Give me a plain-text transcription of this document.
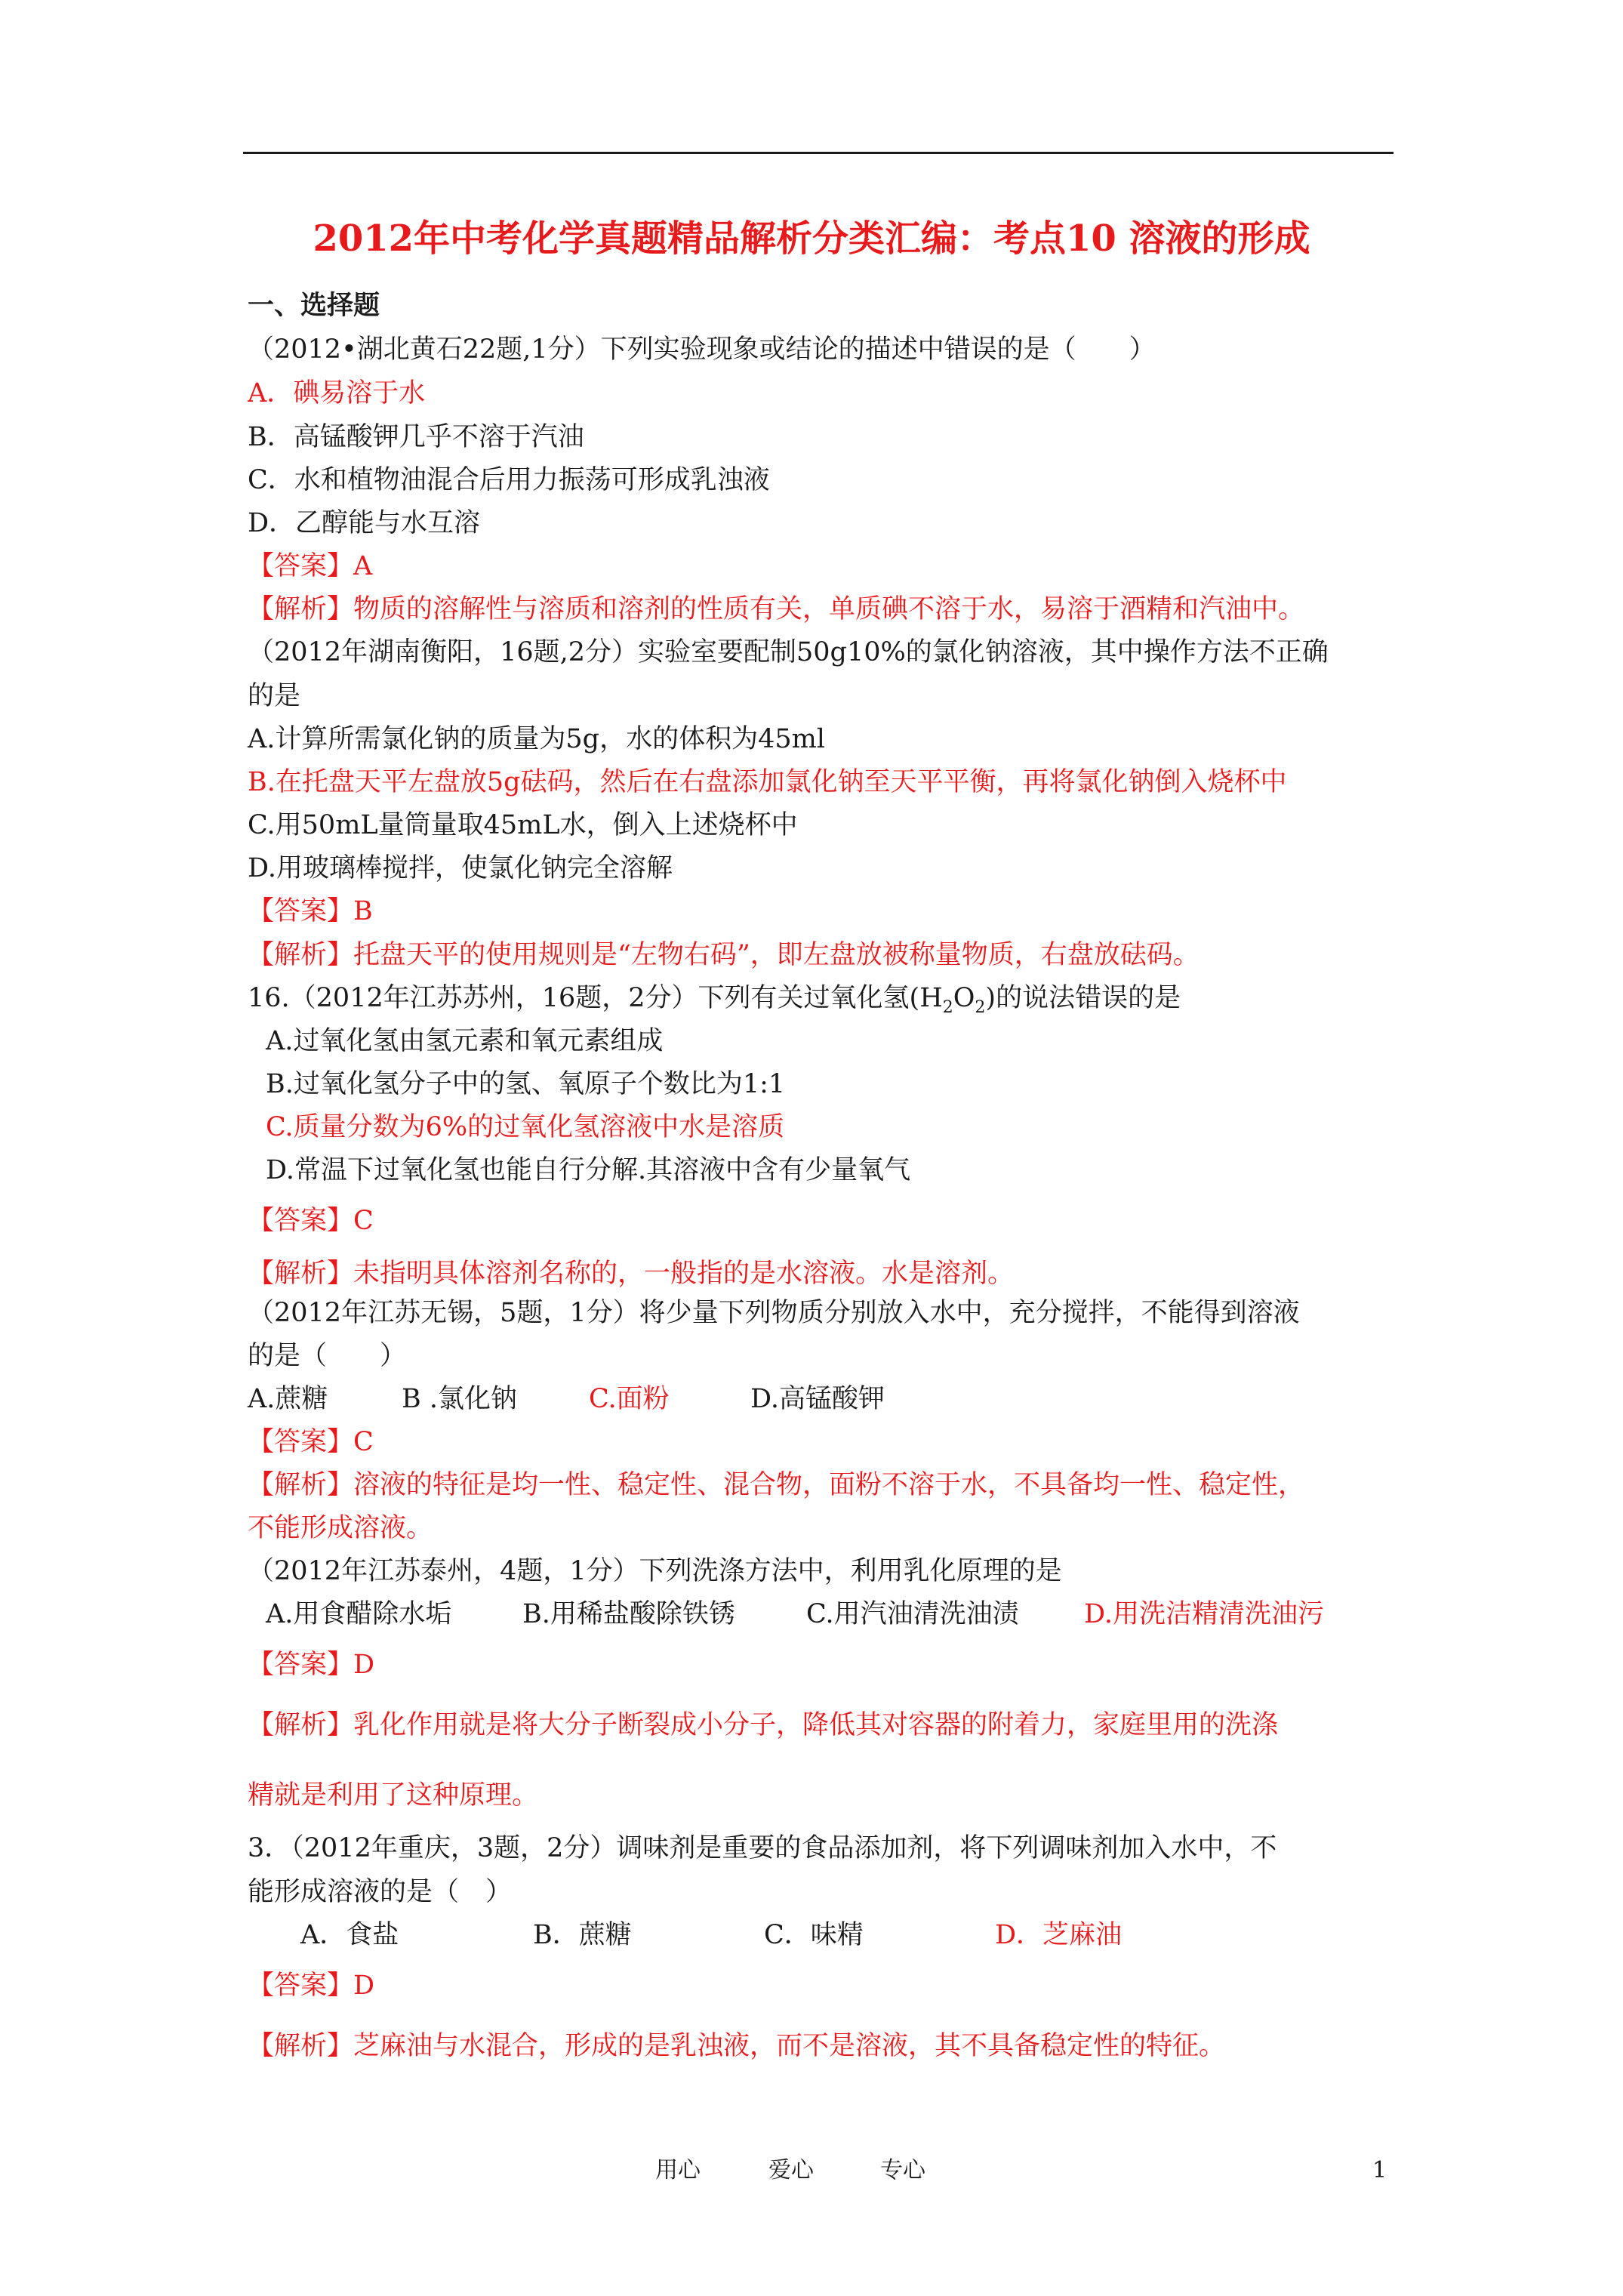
2012年中考化学真题精品解析分类汇编：考点10 溶液的形成
一、选择题
（2012•湖北黄石22题,1分）下列实验现象或结论的描述中错误的是（　　）
A．碘易溶于水
B．高锰酸钾几乎不溶于汽油
C．水和植物油混合后用力振荡可形成乳浊液
D．乙醇能与水互溶
【答案】A
【解析】物质的溶解性与溶质和溶剂的性质有关，单质碘不溶于水，易溶于酒精和汽油中。
（2012年湖南衡阳，16题,2分）实验室要配制50g10%的氯化钠溶液，其中操作方法不正确
的是
A.计算所需氯化钠的质量为5g，水的体积为45ml
B.在托盘天平左盘放5g砝码，然后在右盘添加氯化钠至天平平衡，再将氯化钠倒入烧杯中
C.用50mL量筒量取45mL水，倒入上述烧杯中
D.用玻璃棒搅拌，使氯化钠完全溶解
【答案】B
【解析】托盘天平的使用规则是“左物右码”，即左盘放被称量物质，右盘放砝码。
16.（2012年江苏苏州，16题，2分）下列有关过氧化氢$(H_2O_2)$的说法错误的是
A.过氧化氢由氢元素和氧元素组成
B.过氧化氢分子中的氢、氧原子个数比为1:1
C.质量分数为6%的过氧化氢溶液中水是溶质
D.常温下过氧化氢也能自行分解.其溶液中含有少量氧气
【答案】C
【解析】未指明具体溶剂名称的，一般指的是水溶液。水是溶剂。
（2012年江苏无锡，5题，1分）将少量下列物质分别放入水中，充分搅拌，不能得到溶液
的是（　　）
A.蔗糖	B .氯化钠	C.面粉	D.高锰酸钾
【答案】C
【解析】溶液的特征是均一性、稳定性、混合物，面粉不溶于水，不具备均一性、稳定性，
不能形成溶液。
（2012年江苏泰州，4题，1分）下列洗涤方法中，利用乳化原理的是
A.用食醋除水垢	B.用稀盐酸除铁锈	C.用汽油清洗油渍 D.用洗洁精清洗油污
【答案】D
【解析】乳化作用就是将大分子断裂成小分子，降低其对容器的附着力，家庭里用的洗涤
精就是利用了这种原理。
3．（2012年重庆，3题，2分）调味剂是重要的食品添加剂，将下列调味剂加入水中，不
能形成溶液的是（　）
A．食盐	B．蔗糖	C．味精	D．芝麻油
【答案】D
【解析】芝麻油与水混合，形成的是乳浊液，而不是溶液，其不具备稳定性的特征。
用心	爱心	专心	1
